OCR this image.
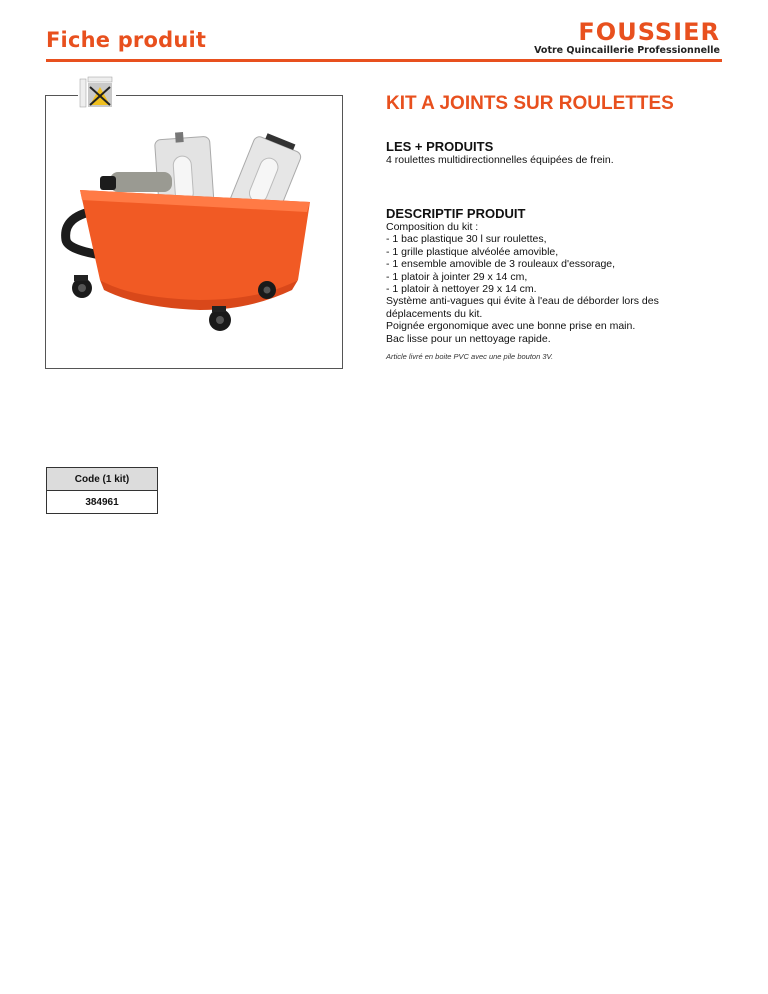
Fiche produit	FOUSSIER
Votre Quincaillerie Professionnelle
KIT A JOINTS SUR ROULETTES
LES + PRODUITS
4 roulettes multidirectionnelles équipées de frein.
DESCRIPTIF PRODUIT
Composition du kit :
- 1 bac plastique 30 l sur roulettes,
- 1 grille plastique alvéolée amovible,
- 1 ensemble amovible de 3 rouleaux d'essorage,
- 1 platoir à jointer 29 x 14 cm,
- 1 platoir à nettoyer 29 x 14 cm.
Système anti-vagues qui évite à l'eau de déborder lors des déplacements du kit.
Poignée ergonomique avec une bonne prise en main.
Bac lisse pour un nettoyage rapide.
Article livré en boite PVC avec une pile bouton 3V.
Code (1 kit)
384961
